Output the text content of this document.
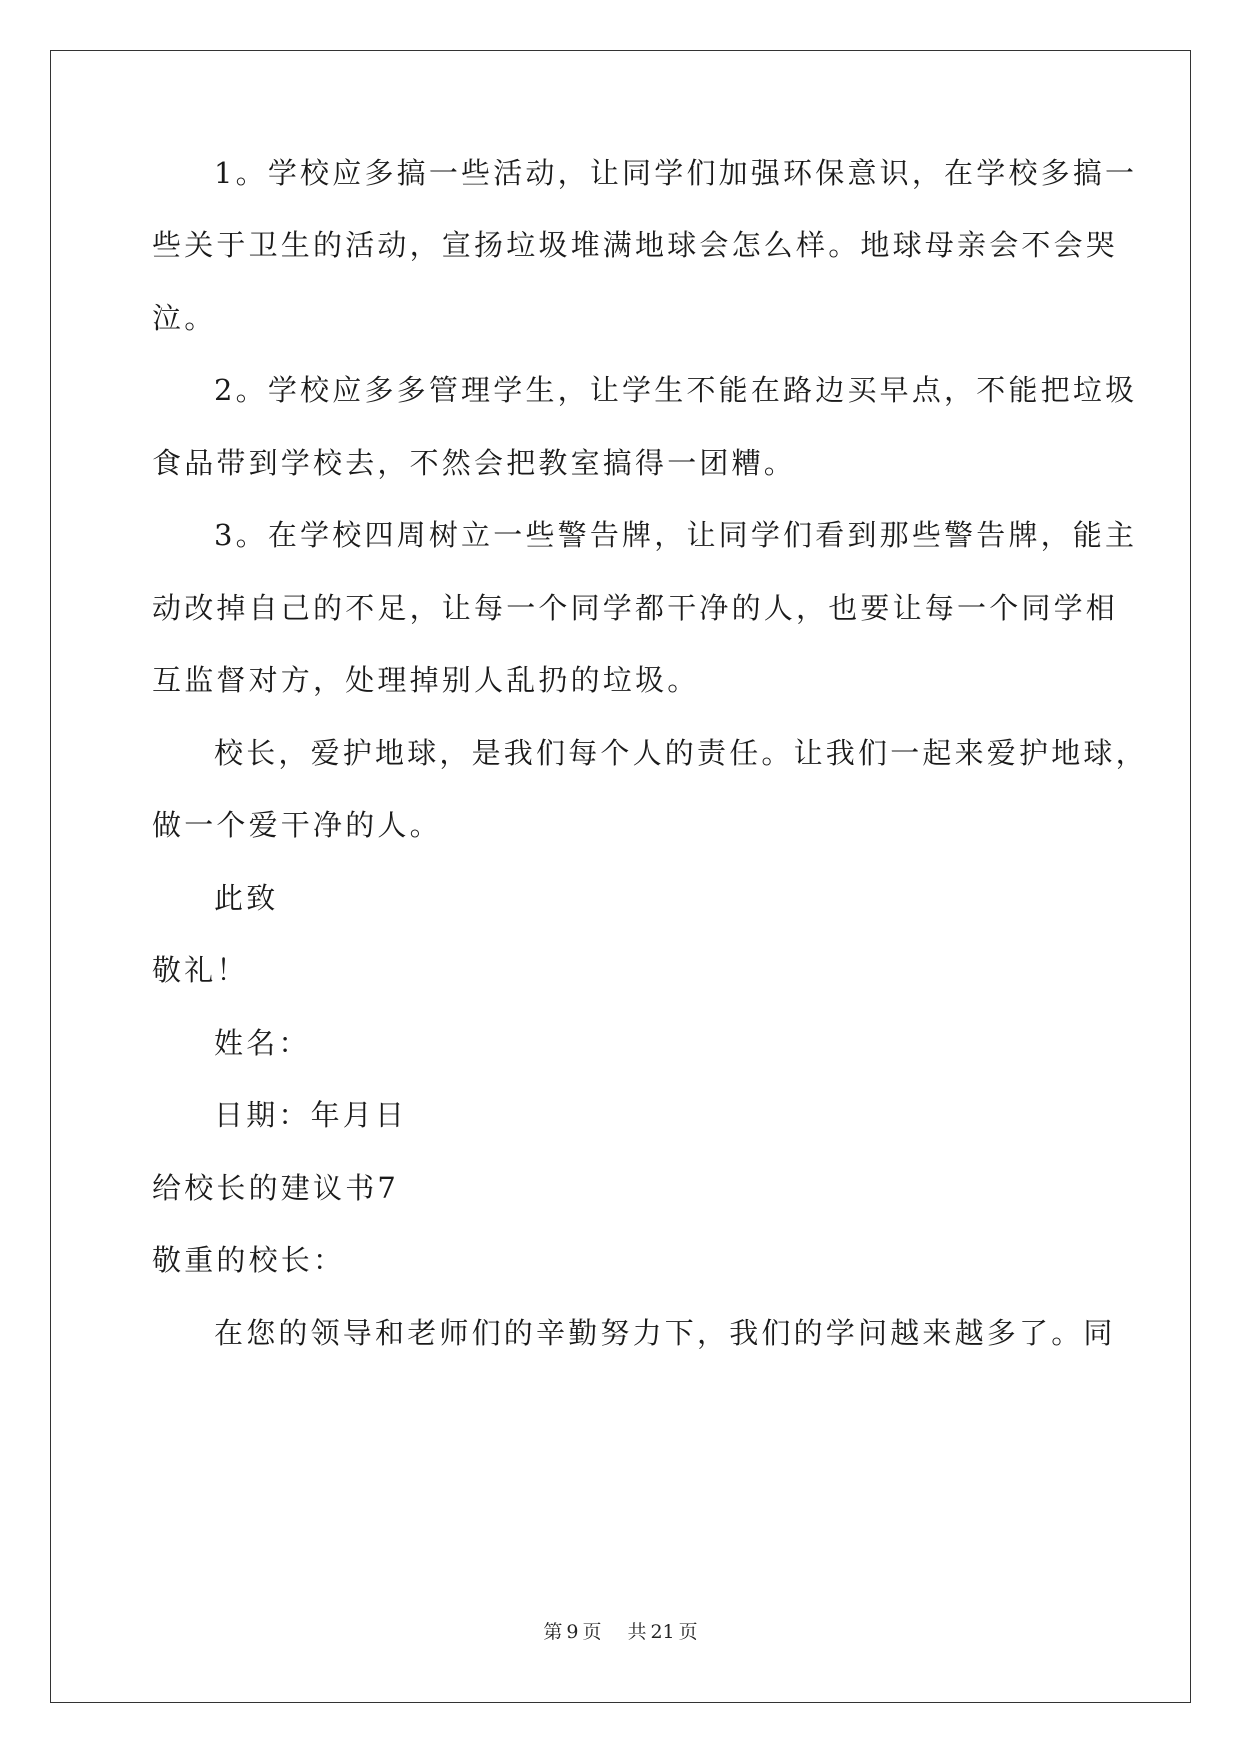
1。学校应多搞一些活动，让同学们加强环保意识，在学校多搞一
些关于卫生的活动，宣扬垃圾堆满地球会怎么样。地球母亲会不会哭
泣。
2。学校应多多管理学生，让学生不能在路边买早点，不能把垃圾
食品带到学校去，不然会把教室搞得一团糟。
3。在学校四周树立一些警告牌，让同学们看到那些警告牌，能主
动改掉自己的不足，让每一个同学都干净的人，也要让每一个同学相
互监督对方，处理掉别人乱扔的垃圾。
校长，爱护地球，是我们每个人的责任。让我们一起来爱护地球，
做一个爱干净的人。
此致
敬礼！
姓名：
日期：年月日
给校长的建议书7
敬重的校长：
在您的领导和老师们的辛勤努力下，我们的学问越来越多了。同
第 9 页 共 21 页
